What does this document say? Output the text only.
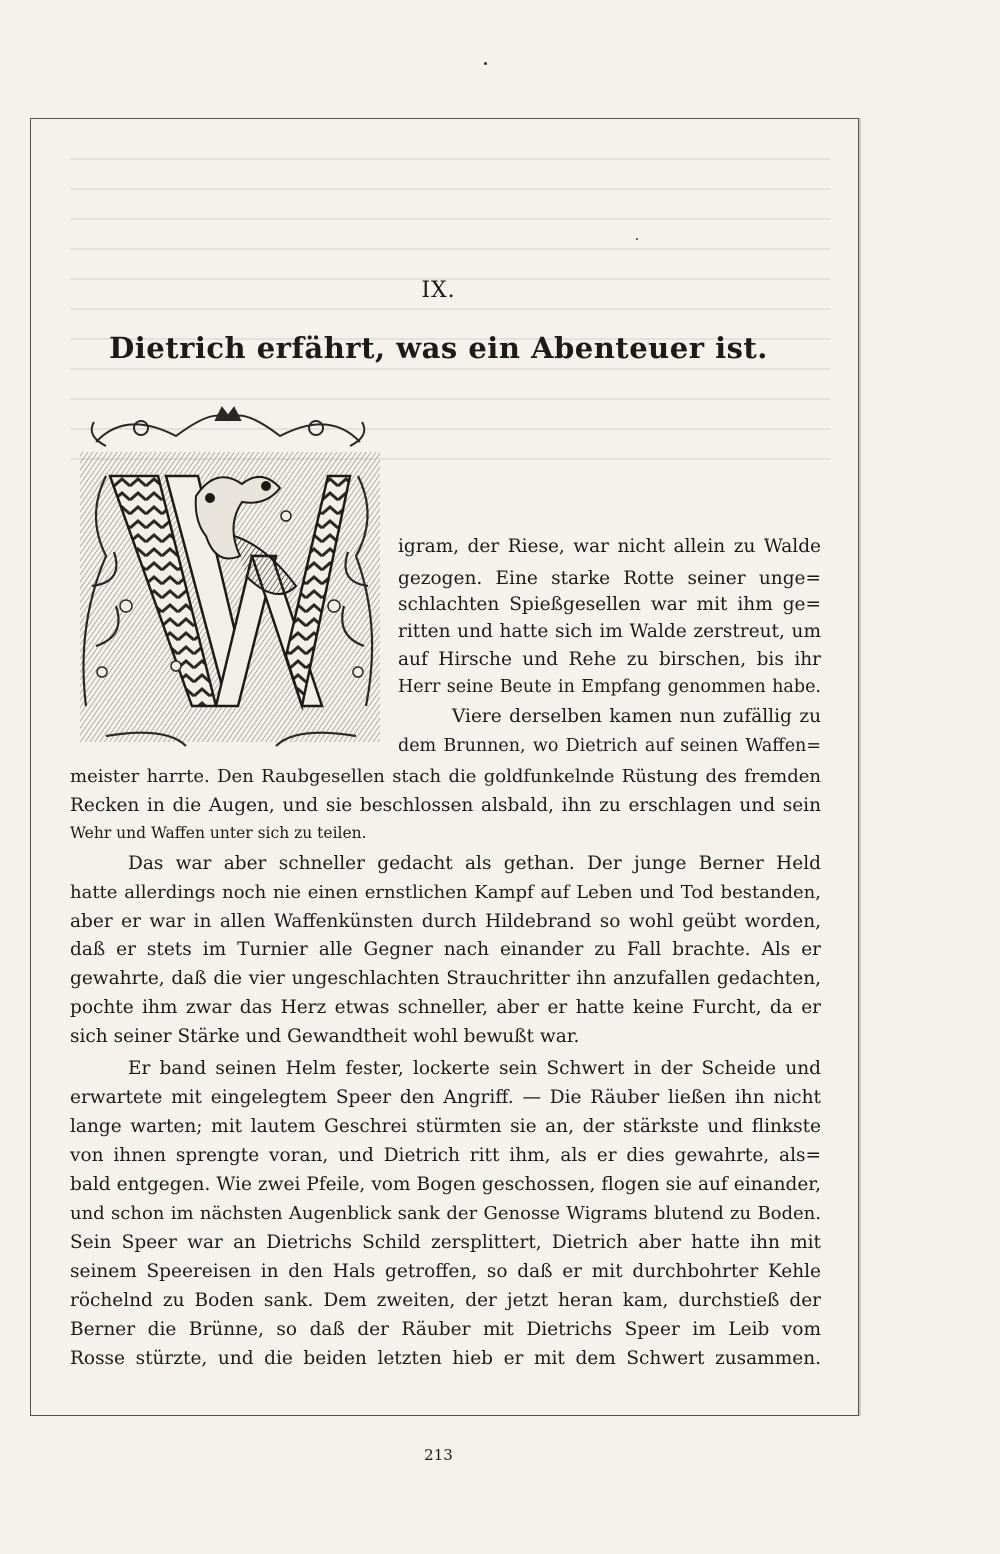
IX.
Dietrich erfährt, was ein Abenteuer ist.
igram, der Riese, war nicht allein zu Walde
gezogen. Eine starke Rotte seiner unge=
schlachten Spießgesellen war mit ihm ge=
ritten und hatte sich im Walde zerstreut, um
auf Hirsche und Rehe zu birschen, bis ihr
Herr seine Beute in Empfang genommen habe.
Viere derselben kamen nun zufällig zu
dem Brunnen, wo Dietrich auf seinen Waffen=
meister harrte. Den Raubgesellen stach die goldfunkelnde Rüstung des fremden
Recken in die Augen, und sie beschlossen alsbald, ihn zu erschlagen und sein
Wehr und Waffen unter sich zu teilen.
Das war aber schneller gedacht als gethan. Der junge Berner Held
hatte allerdings noch nie einen ernstlichen Kampf auf Leben und Tod bestanden,
aber er war in allen Waffenkünsten durch Hildebrand so wohl geübt worden,
daß er stets im Turnier alle Gegner nach einander zu Fall brachte. Als er
gewahrte, daß die vier ungeschlachten Strauchritter ihn anzufallen gedachten,
pochte ihm zwar das Herz etwas schneller, aber er hatte keine Furcht, da er
sich seiner Stärke und Gewandtheit wohl bewußt war.
Er band seinen Helm fester, lockerte sein Schwert in der Scheide und
erwartete mit eingelegtem Speer den Angriff. — Die Räuber ließen ihn nicht
lange warten; mit lautem Geschrei stürmten sie an, der stärkste und flinkste
von ihnen sprengte voran, und Dietrich ritt ihm, als er dies gewahrte, als=
bald entgegen. Wie zwei Pfeile, vom Bogen geschossen, flogen sie auf einander,
und schon im nächsten Augenblick sank der Genosse Wigrams blutend zu Boden.
Sein Speer war an Dietrichs Schild zersplittert, Dietrich aber hatte ihn mit
seinem Speereisen in den Hals getroffen, so daß er mit durchbohrter Kehle
röchelnd zu Boden sank. Dem zweiten, der jetzt heran kam, durchstieß der
Berner die Brünne, so daß der Räuber mit Dietrichs Speer im Leib vom
Rosse stürzte, und die beiden letzten hieb er mit dem Schwert zusammen.
213
